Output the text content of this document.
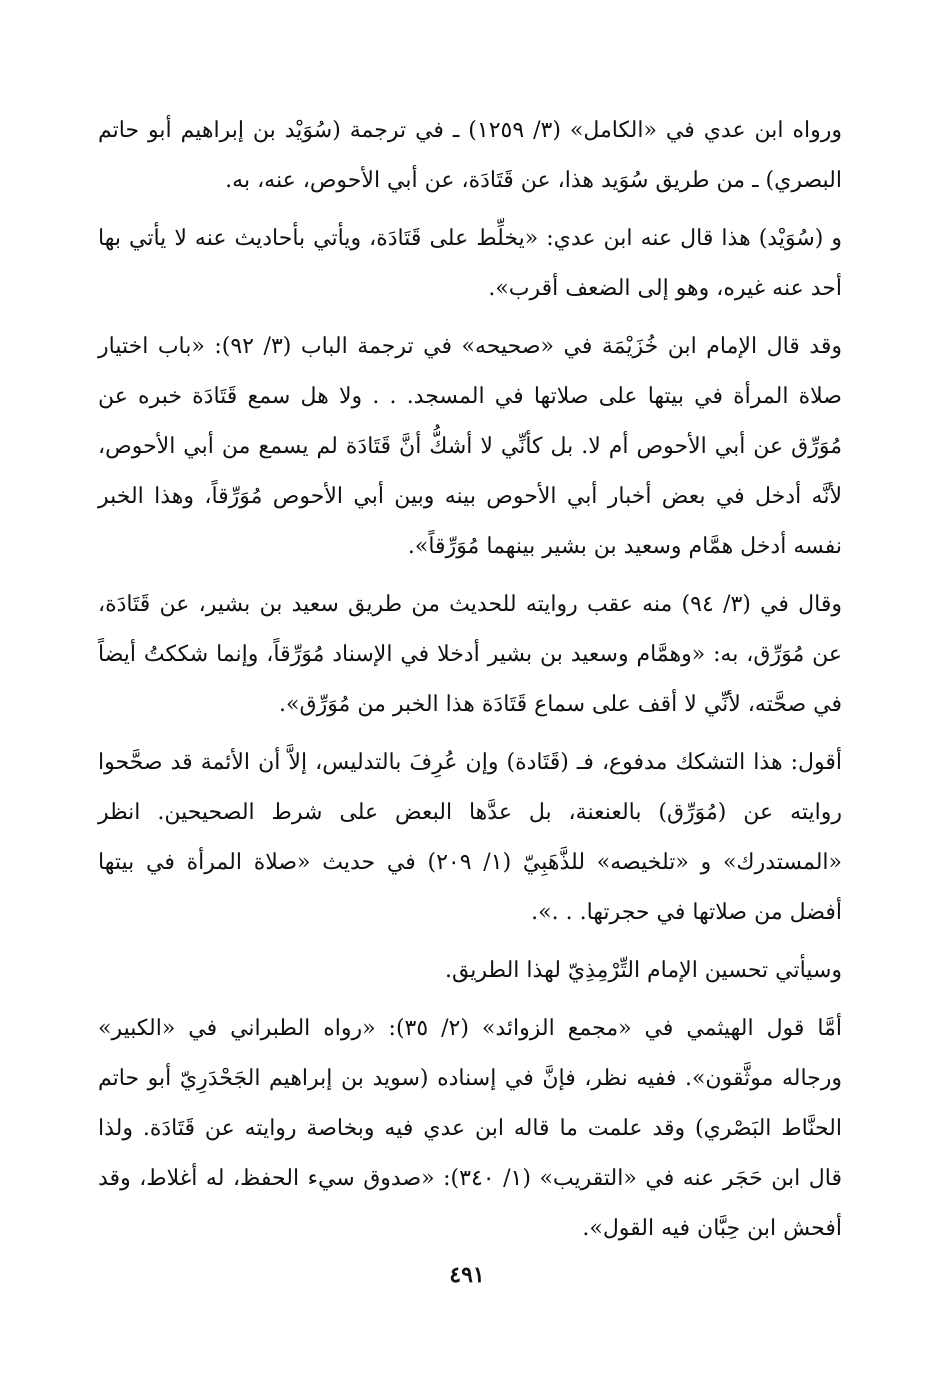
ورواه ابن عدي في «الكامل» (٣/ ١٢٥٩) ـ في ترجمة (سُوَيْد بن إبراهيم أبو حاتم البصري) ـ من طريق سُوَيد هذا، عن قَتَادَة، عن أبي الأحوص، عنه، به.

و (سُوَيْد) هذا قال عنه ابن عدي: «يخلِّط على قَتَادَة، ويأتي بأحاديث عنه لا يأتي بها أحد عنه غيره، وهو إلى الضعف أقرب».

وقد قال الإمام ابن خُزَيْمَة في «صحيحه» في ترجمة الباب (٣/ ٩٢): «باب اختيار صلاة المرأة في بيتها على صلاتها في المسجد. . . ولا هل سمع قَتَادَة خبره عن مُوَرِّق عن أبي الأحوص أم لا. بل كأنِّي لا أشكُّ أنَّ قَتَادَة لم يسمع من أبي الأحوص، لأنَّه أدخل في بعض أخبار أبي الأحوص بينه وبين أبي الأحوص مُوَرِّقاً، وهذا الخبر نفسه أدخل همَّام وسعيد بن بشير بينهما مُوَرِّقاً».

وقال في (٣/ ٩٤) منه عقب روايته للحديث من طريق سعيد بن بشير، عن قَتَادَة، عن مُوَرِّق، به: «وهمَّام وسعيد بن بشير أدخلا في الإسناد مُوَرِّقاً، وإنما شككتُ أيضاً في صحَّته، لأنِّي لا أقف على سماع قَتَادَة هذا الخبر من مُوَرِّق».

أقول: هذا التشكك مدفوع، فـ (قَتَادة) وإن عُرِفَ بالتدليس، إلاَّ أن الأئمة قد صحَّحوا روايته عن (مُوَرِّق) بالعنعنة، بل عدَّها البعض على شرط الصحيحين. انظر «المستدرك» و «تلخيصه» للذَّهَبِيّ (١/ ٢٠٩) في حديث «صلاة المرأة في بيتها أفضل من صلاتها في حجرتها. . .».

وسيأتي تحسين الإمام التِّرْمِذِيّ لهذا الطريق.

أمَّا قول الهيثمي في «مجمع الزوائد» (٢/ ٣٥): «رواه الطبراني في «الكبير» ورجاله موثَّقون». ففيه نظر، فإنَّ في إسناده (سويد بن إبراهيم الجَحْدَرِيّ أبو حاتم الحنَّاط البَصْري) وقد علمت ما قاله ابن عدي فيه وبخاصة روايته عن قَتَادَة. ولذا قال ابن حَجَر عنه في «التقريب» (١/ ٣٤٠): «صدوق سيء الحفظ، له أغلاط، وقد أفحش ابن حِبَّان فيه القول».

٤٩١
